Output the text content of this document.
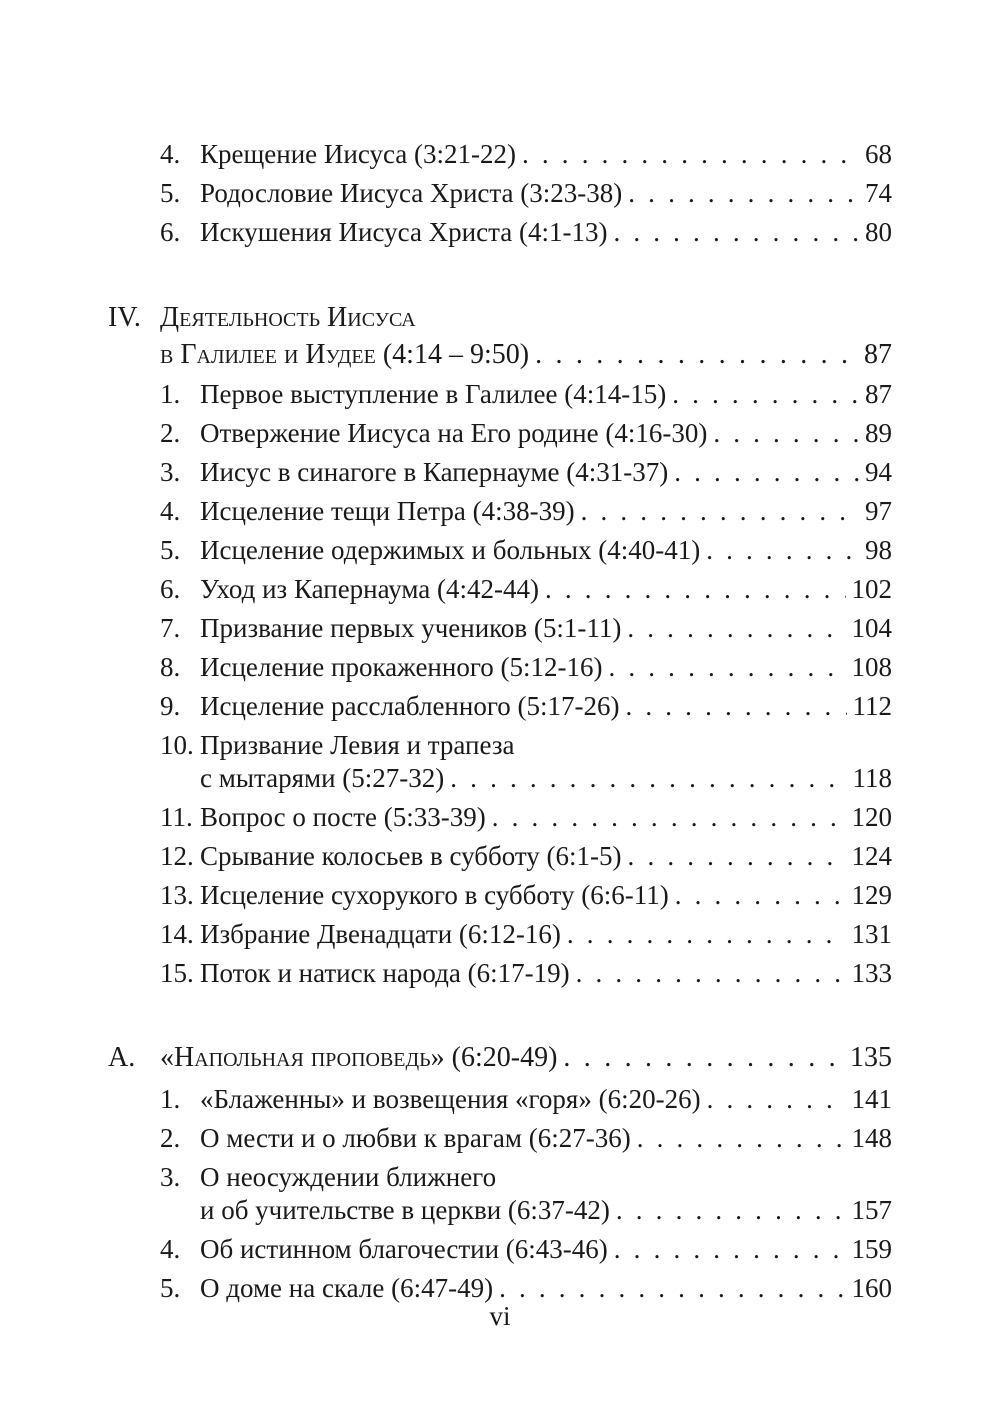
4. Крещение Иисуса (3:21-22) . . .	68
5. Родословие Иисуса Христа (3:23-38) . . .	74
6. Искушения Иисуса Христа (4:1-13) . . .	80
IV. Деятельность Иисуса
в Галилее и Иудее (4:14 – 9:50) . . .	87
1. Первое выступление в Галилее (4:14-15) . . .	87
2. Отвержение Иисуса на Его родине (4:16-30) . . .	89
3. Иисус в синагоге в Капернауме (4:31-37) . . .	94
4. Исцеление тещи Петра (4:38-39) . . .	97
5. Исцеление одержимых и больных (4:40-41) . . .	98
6. Уход из Капернаума (4:42-44) . . .	102
7. Призвание первых учеников (5:1-11) . . .	104
8. Исцеление прокаженного (5:12-16) . . .	108
9. Исцеление расслабленного (5:17-26) . . .	112
10. Призвание Левия и трапеза
с мытарями (5:27-32) . . .	118
11. Вопрос о посте (5:33-39) . . .	120
12. Срывание колосьев в субботу (6:1-5) . . .	124
13. Исцеление сухорукого в субботу (6:6-11) . . .	129
14. Избрание Двенадцати (6:12-16) . . .	131
15. Поток и натиск народа (6:17-19) . . .	133
А. «Напольная проповедь» (6:20-49) . . .	135
1. «Блаженны» и возвещения «горя» (6:20-26) . . .	141
2. О мести и о любви к врагам (6:27-36) . . .	148
3. О неосуждении ближнего
и об учительстве в церкви (6:37-42) . . .	157
4. Об истинном благочестии (6:43-46) . . .	159
5. О доме на скале (6:47-49) . . .	160
vi
